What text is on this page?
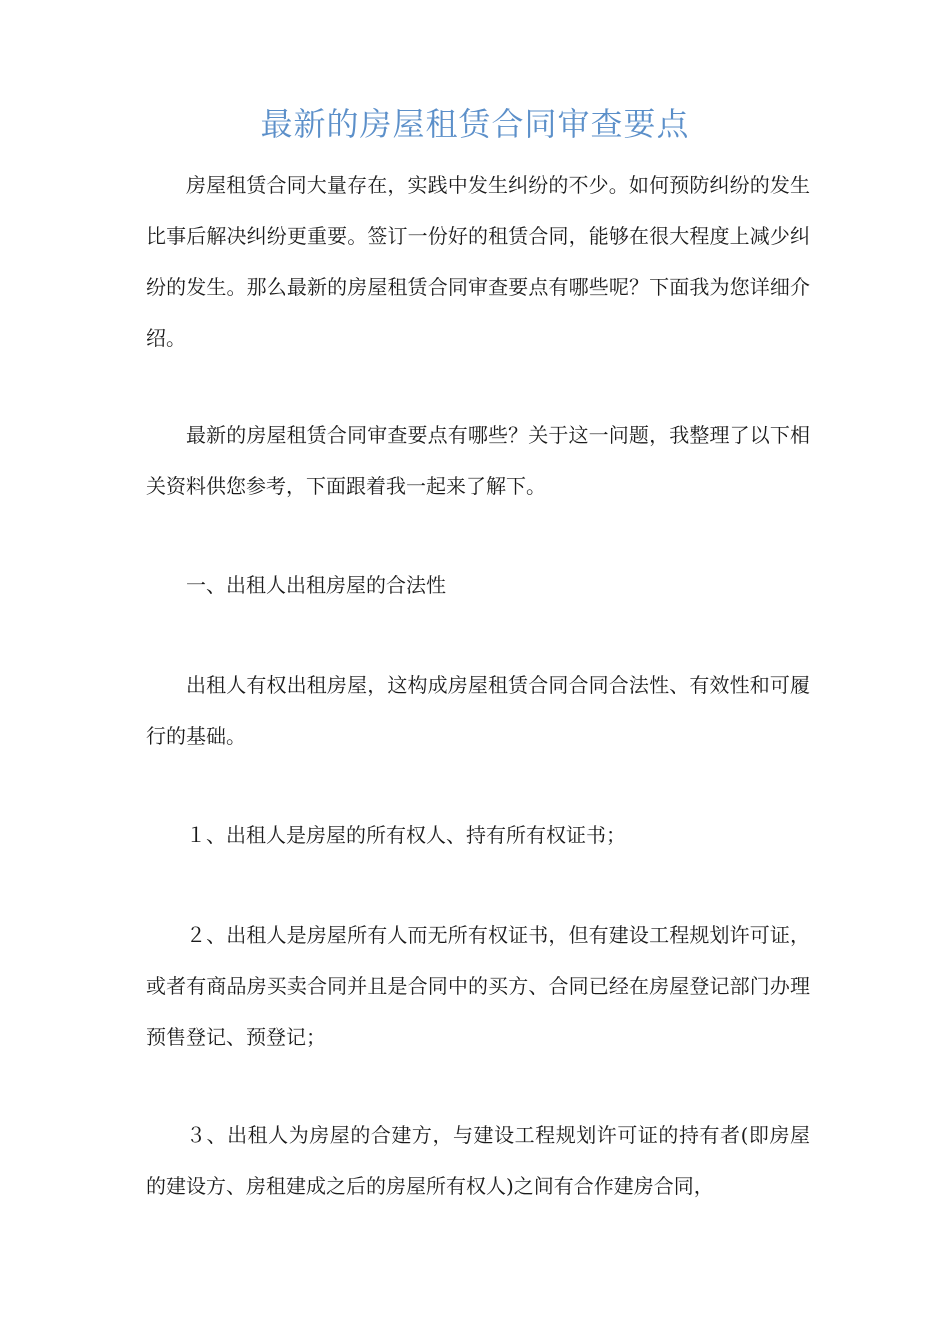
最新的房屋租赁合同审查要点

房屋租赁合同大量存在，实践中发生纠纷的不少。如何预防纠纷的发生比事后解决纠纷更重要。签订一份好的租赁合同，能够在很大程度上减少纠纷的发生。那么最新的房屋租赁合同审查要点有哪些呢？下面我为您详细介绍。

最新的房屋租赁合同审查要点有哪些？关于这一问题，我整理了以下相关资料供您参考，下面跟着我一起来了解下。

一、出租人出租房屋的合法性

出租人有权出租房屋，这构成房屋租赁合同合同合法性、有效性和可履行的基础。

１、出租人是房屋的所有权人、持有所有权证书；

２、出租人是房屋所有人而无所有权证书，但有建设工程规划许可证，或者有商品房买卖合同并且是合同中的买方、合同已经在房屋登记部门办理预售登记、预登记；

３、出租人为房屋的合建方，与建设工程规划许可证的持有者(即房屋的建设方、房租建成之后的房屋所有权人)之间有合作建房合同，
